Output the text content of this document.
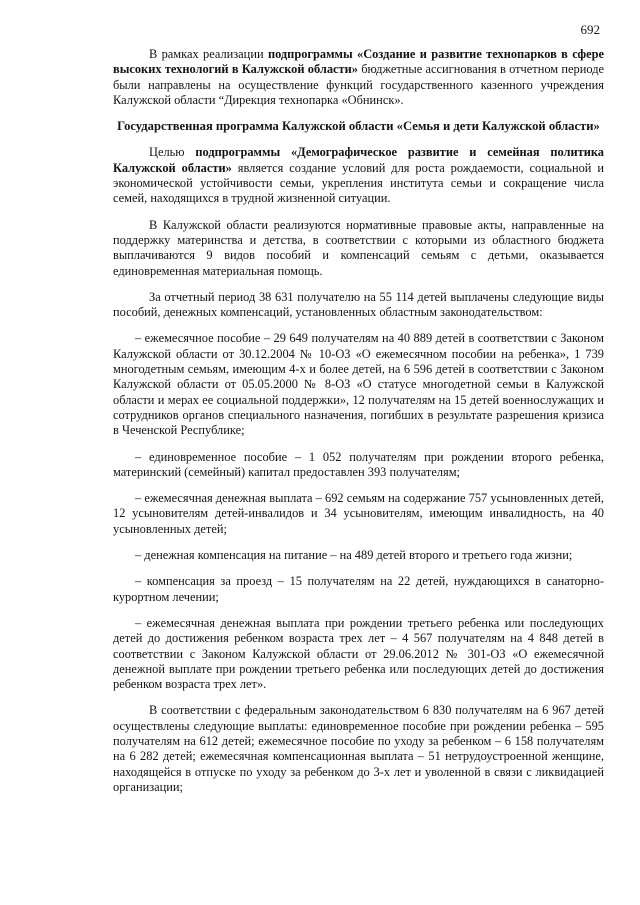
692

В рамках реализации подпрограммы «Создание и развитие технопарков в сфере высоких технологий в Калужской области» бюджетные ассигнования в отчетном периоде были направлены на осуществление функций государственного казенного учреждения Калужской области “Дирекция технопарка «Обнинск».

Государственная программа Калужской области «Семья и дети Калужской области»

Целью подпрограммы «Демографическое развитие и семейная политика Калужской области» является создание условий для роста рождаемости, социальной и экономической устойчивости семьи, укрепления института семьи и сокращение числа семей, находящихся в трудной жизненной ситуации.

В Калужской области реализуются нормативные правовые акты, направленные на поддержку материнства и детства, в соответствии с которыми из областного бюджета выплачиваются 9 видов пособий и компенсаций семьям с детьми, оказывается единовременная материальная помощь.

За отчетный период 38 631 получателю на 55 114 детей выплачены следующие виды пособий, денежных компенсаций, установленных областным законодательством:

– ежемесячное пособие – 29 649 получателям на 40 889 детей в соответствии с Законом Калужской области от 30.12.2004 № 10-ОЗ «О ежемесячном пособии на ребенка», 1 739 многодетным семьям, имеющим 4-х и более детей, на 6 596 детей в соответствии с Законом Калужской области от 05.05.2000 № 8-ОЗ «О статусе многодетной семьи в Калужской области и мерах ее социальной поддержки», 12 получателям на 15 детей военнослужащих и сотрудников органов специального назначения, погибших в результате разрешения кризиса в Чеченской Республике;

– единовременное пособие – 1 052 получателям при рождении второго ребенка, материнский (семейный) капитал предоставлен 393 получателям;

– ежемесячная денежная выплата – 692 семьям на содержание 757 усыновленных детей, 12 усыновителям детей-инвалидов и 34 усыновителям, имеющим инвалидность, на 40 усыновленных детей;

– денежная компенсация на питание – на 489 детей второго и третьего года жизни;

– компенсация за проезд – 15 получателям на 22 детей, нуждающихся в санаторно-курортном лечении;

– ежемесячная денежная выплата при рождении третьего ребенка или последующих детей до достижения ребенком возраста трех лет – 4 567 получателям на 4 848 детей в соответствии с Законом Калужской области от 29.06.2012 № 301-ОЗ «О ежемесячной денежной выплате при рождении третьего ребенка или последующих детей до достижения ребенком возраста трех лет».

В соответствии с федеральным законодательством 6 830 получателям на 6 967 детей осуществлены следующие выплаты: единовременное пособие при рождении ребенка – 595 получателям на 612 детей; ежемесячное пособие по уходу за ребенком – 6 158 получателям на 6 282 детей; ежемесячная компенсационная выплата – 51 нетрудоустроенной женщине, находящейся в отпуске по уходу за ребенком до 3-х лет и уволенной в связи с ликвидацией организации;
